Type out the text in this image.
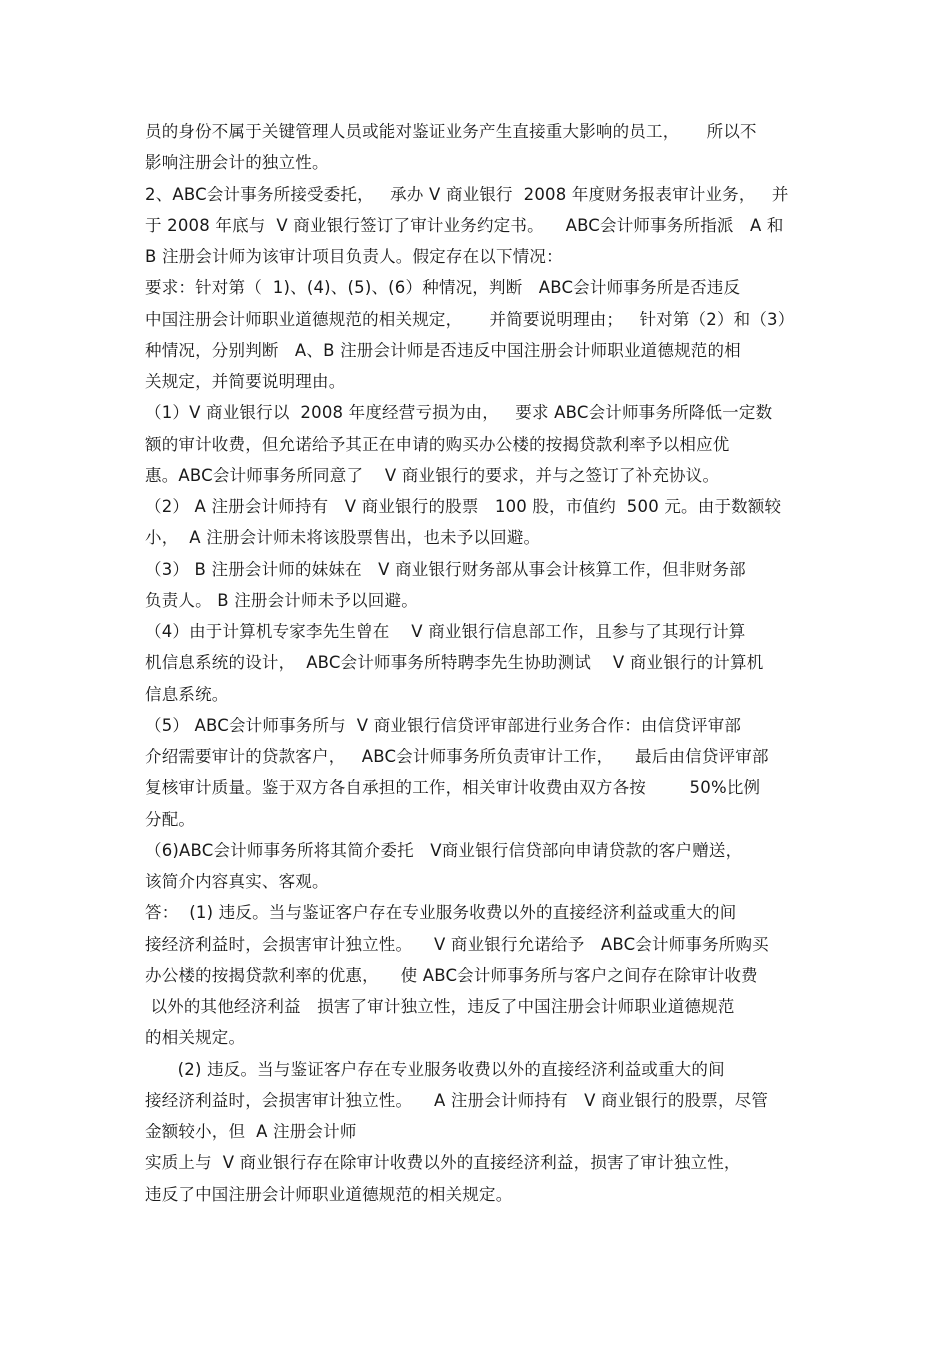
员的身份不属于关键管理人员或能对鉴证业务产生直接重大影响的员工，     所以不
影响注册会计的独立性。
2、ABC会计事务所接受委托，   承办 V 商业银行  2008 年度财务报表审计业务，   并
于 2008 年底与  V 商业银行签订了审计业务约定书。    ABC会计师事务所指派   A 和
B 注册会计师为该审计项目负责人。假定存在以下情况：
要求：针对第（  1)、(4)、(5)、(6）种情况，判断   ABC会计师事务所是否违反
中国注册会计师职业道德规范的相关规定，     并简要说明理由；   针对第（2）和（3）
种情况，分别判断   A、B 注册会计师是否违反中国注册会计师职业道德规范的相
关规定，并简要说明理由。
（1）V 商业银行以  2008 年度经营亏损为由，   要求 ABC会计师事务所降低一定数
额的审计收费，但允诺给予其正在申请的购买办公楼的按揭贷款利率予以相应优
惠。ABC会计师事务所同意了    V 商业银行的要求，并与之签订了补充协议。
（2） A 注册会计师持有   V 商业银行的股票   100 股，市值约  500 元。由于数额较
小，  A 注册会计师未将该股票售出，也未予以回避。
（3） B 注册会计师的妹妹在   V 商业银行财务部从事会计核算工作，但非财务部
负责人。 B 注册会计师未予以回避。
（4）由于计算机专家李先生曾在    V 商业银行信息部工作，且参与了其现行计算
机信息系统的设计，  ABC会计师事务所特聘李先生协助测试    V 商业银行的计算机
信息系统。
（5） ABC会计师事务所与  V 商业银行信贷评审部进行业务合作：由信贷评审部
介绍需要审计的贷款客户，   ABC会计师事务所负责审计工作，    最后由信贷评审部
复核审计质量。鉴于双方各自承担的工作，相关审计收费由双方各按        50%比例
分配。
（6)ABC会计师事务所将其简介委托   V商业银行信贷部向申请贷款的客户赠送，
该简介内容真实、客观。
答：  (1) 违反。当与鉴证客户存在专业服务收费以外的直接经济利益或重大的间
接经济利益时，会损害审计独立性。    V 商业银行允诺给予   ABC会计师事务所购买
办公楼的按揭贷款利率的优惠，    使 ABC会计师事务所与客户之间存在除审计收费
以外的其他经济利益   损害了审计独立性，违反了中国注册会计师职业道德规范
的相关规定。
(2) 违反。当与鉴证客户存在专业服务收费以外的直接经济利益或重大的间
接经济利益时，会损害审计独立性。    A 注册会计师持有   V 商业银行的股票，尽管
金额较小，但  A 注册会计师
实质上与  V 商业银行存在除审计收费以外的直接经济利益，损害了审计独立性，
违反了中国注册会计师职业道德规范的相关规定。
